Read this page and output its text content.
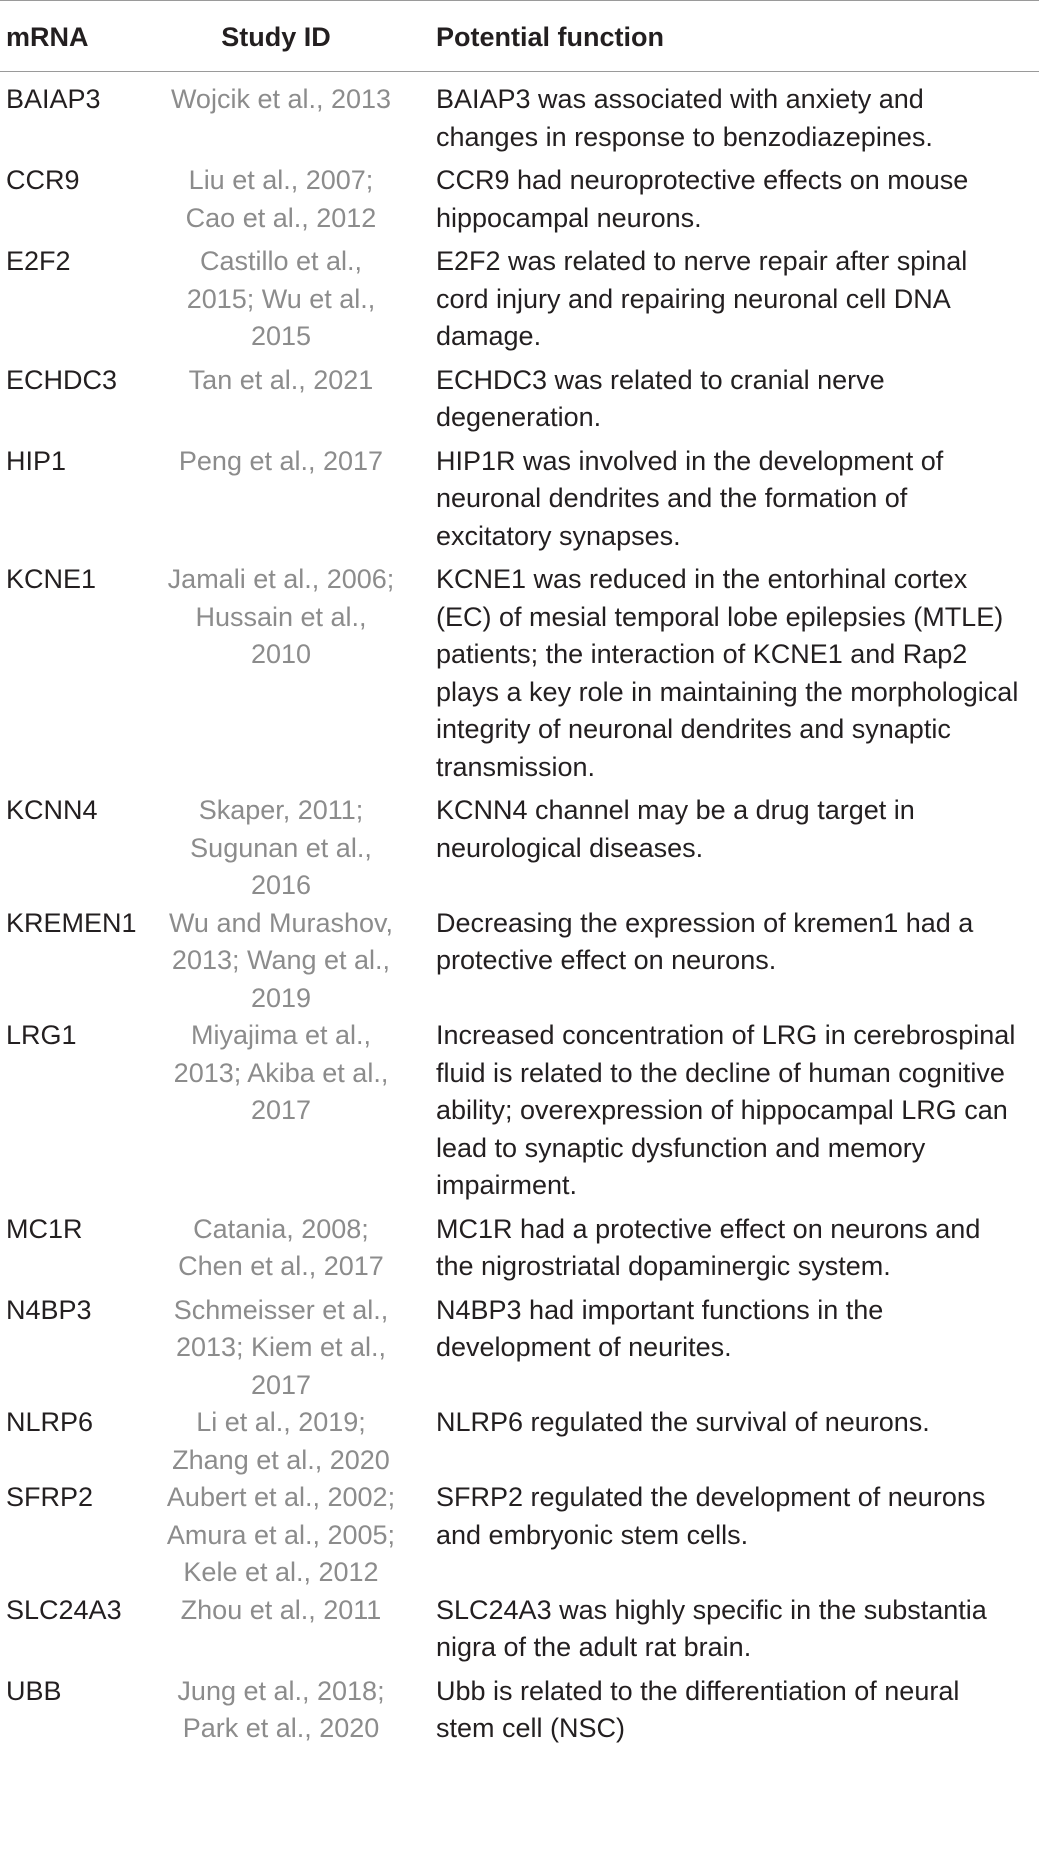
mRNA	Study ID	Potential function
BAIAP3	Wojcik et al., 2013	BAIAP3 was associated with anxiety and changes in response to benzodiazepines.
CCR9	Liu et al., 2007; Cao et al., 2012	CCR9 had neuroprotective effects on mouse hippocampal neurons.
E2F2	Castillo et al., 2015; Wu et al., 2015	E2F2 was related to nerve repair after spinal cord injury and repairing neuronal cell DNA damage.
ECHDC3	Tan et al., 2021	ECHDC3 was related to cranial nerve degeneration.
HIP1	Peng et al., 2017	HIP1R was involved in the development of neuronal dendrites and the formation of excitatory synapses.
KCNE1	Jamali et al., 2006; Hussain et al., 2010	KCNE1 was reduced in the entorhinal cortex (EC) of mesial temporal lobe epilepsies (MTLE) patients; the interaction of KCNE1 and Rap2 plays a key role in maintaining the morphological integrity of neuronal dendrites and synaptic transmission.
KCNN4	Skaper, 2011; Sugunan et al., 2016	KCNN4 channel may be a drug target in neurological diseases.
KREMEN1	Wu and Murashov, 2013; Wang et al., 2019	Decreasing the expression of kremen1 had a protective effect on neurons.
LRG1	Miyajima et al., 2013; Akiba et al., 2017	Increased concentration of LRG in cerebrospinal fluid is related to the decline of human cognitive ability; overexpression of hippocampal LRG can lead to synaptic dysfunction and memory impairment.
MC1R	Catania, 2008; Chen et al., 2017	MC1R had a protective effect on neurons and the nigrostriatal dopaminergic system.
N4BP3	Schmeisser et al., 2013; Kiem et al., 2017	N4BP3 had important functions in the development of neurites.
NLRP6	Li et al., 2019; Zhang et al., 2020	NLRP6 regulated the survival of neurons.
SFRP2	Aubert et al., 2002; Amura et al., 2005; Kele et al., 2012	SFRP2 regulated the development of neurons and embryonic stem cells.
SLC24A3	Zhou et al., 2011	SLC24A3 was highly specific in the substantia nigra of the adult rat brain.
UBB	Jung et al., 2018; Park et al., 2020	Ubb is related to the differentiation of neural stem cell (NSC)
